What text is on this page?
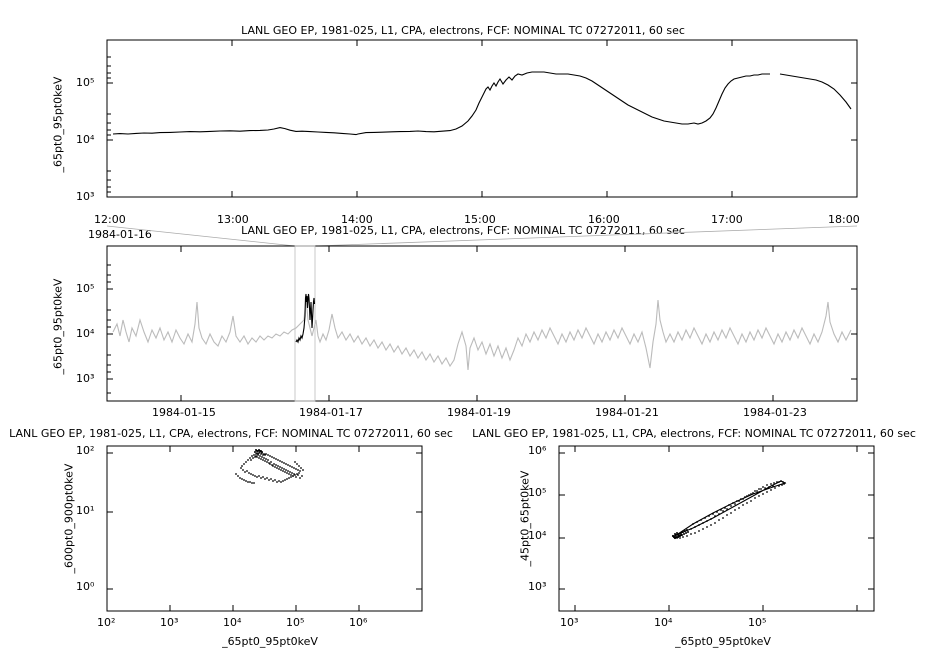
LANL GEO EP, 1981-025, L1, CPA, electrons, FCF: NOMINAL TC 07272011, 60 sec
_65pt0_95pt0keV 10⁵
10⁴
10³
12:00	13:00	14:00	15:00	16:00	17:00	18:00
1984-01-16	LANL GEO EP, 1981-025, L1, CPA, electrons, FCF: NOMINAL TC 07272011, 60 sec
_65pt0_95pt0keV 10⁵
10⁴
10³
1984-01-15	1984-01-17	1984-01-19	1984-01-21	1984-01-23
LANL GEO EP, 1981-025, L1, CPA, electrons, FCF: NOMINAL TC 07272011, 60 sec
_600pt0_900pt0keV
_65pt0_95pt0keV
10²
10¹
10⁰
10²	10³	10⁴	10⁵	10⁶
LANL GEO EP, 1981-025, L1, CPA, electrons, FCF: NOMINAL TC 07272011, 60 sec
_45pt0_65pt0keV
_65pt0_95pt0keV
10⁶
10⁵
10⁴
10³
10³	10⁴	10⁵
